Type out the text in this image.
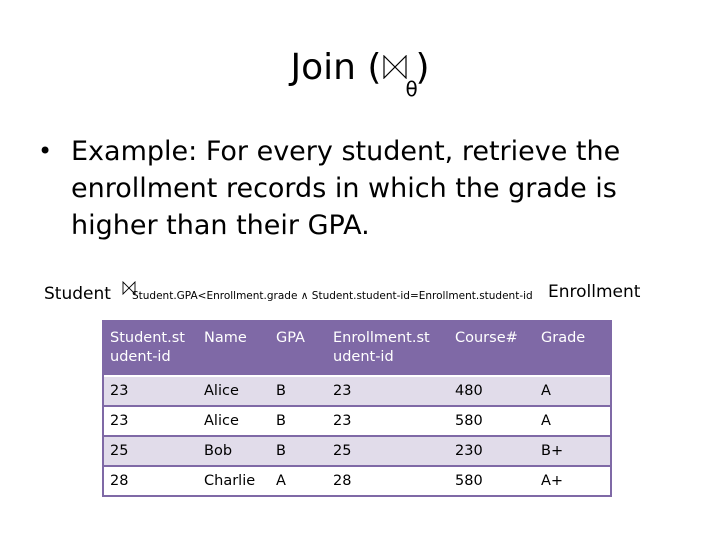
Join (
θ
)
• Example: For every student, retrieve the enrollment records in which the grade is higher than their GPA.
Student Student.GPA<Enrollment.grade ∧ Student.student-id=Enrollment.student-id Enrollment
Student.st udent-id	Name	GPA	Enrollment.st udent-id	Course#	Grade
23	Alice	B	23	480	A
23	Alice	B	23	580	A
25	Bob	B	25	230	B+
28	Charlie	A	28	580	A+
